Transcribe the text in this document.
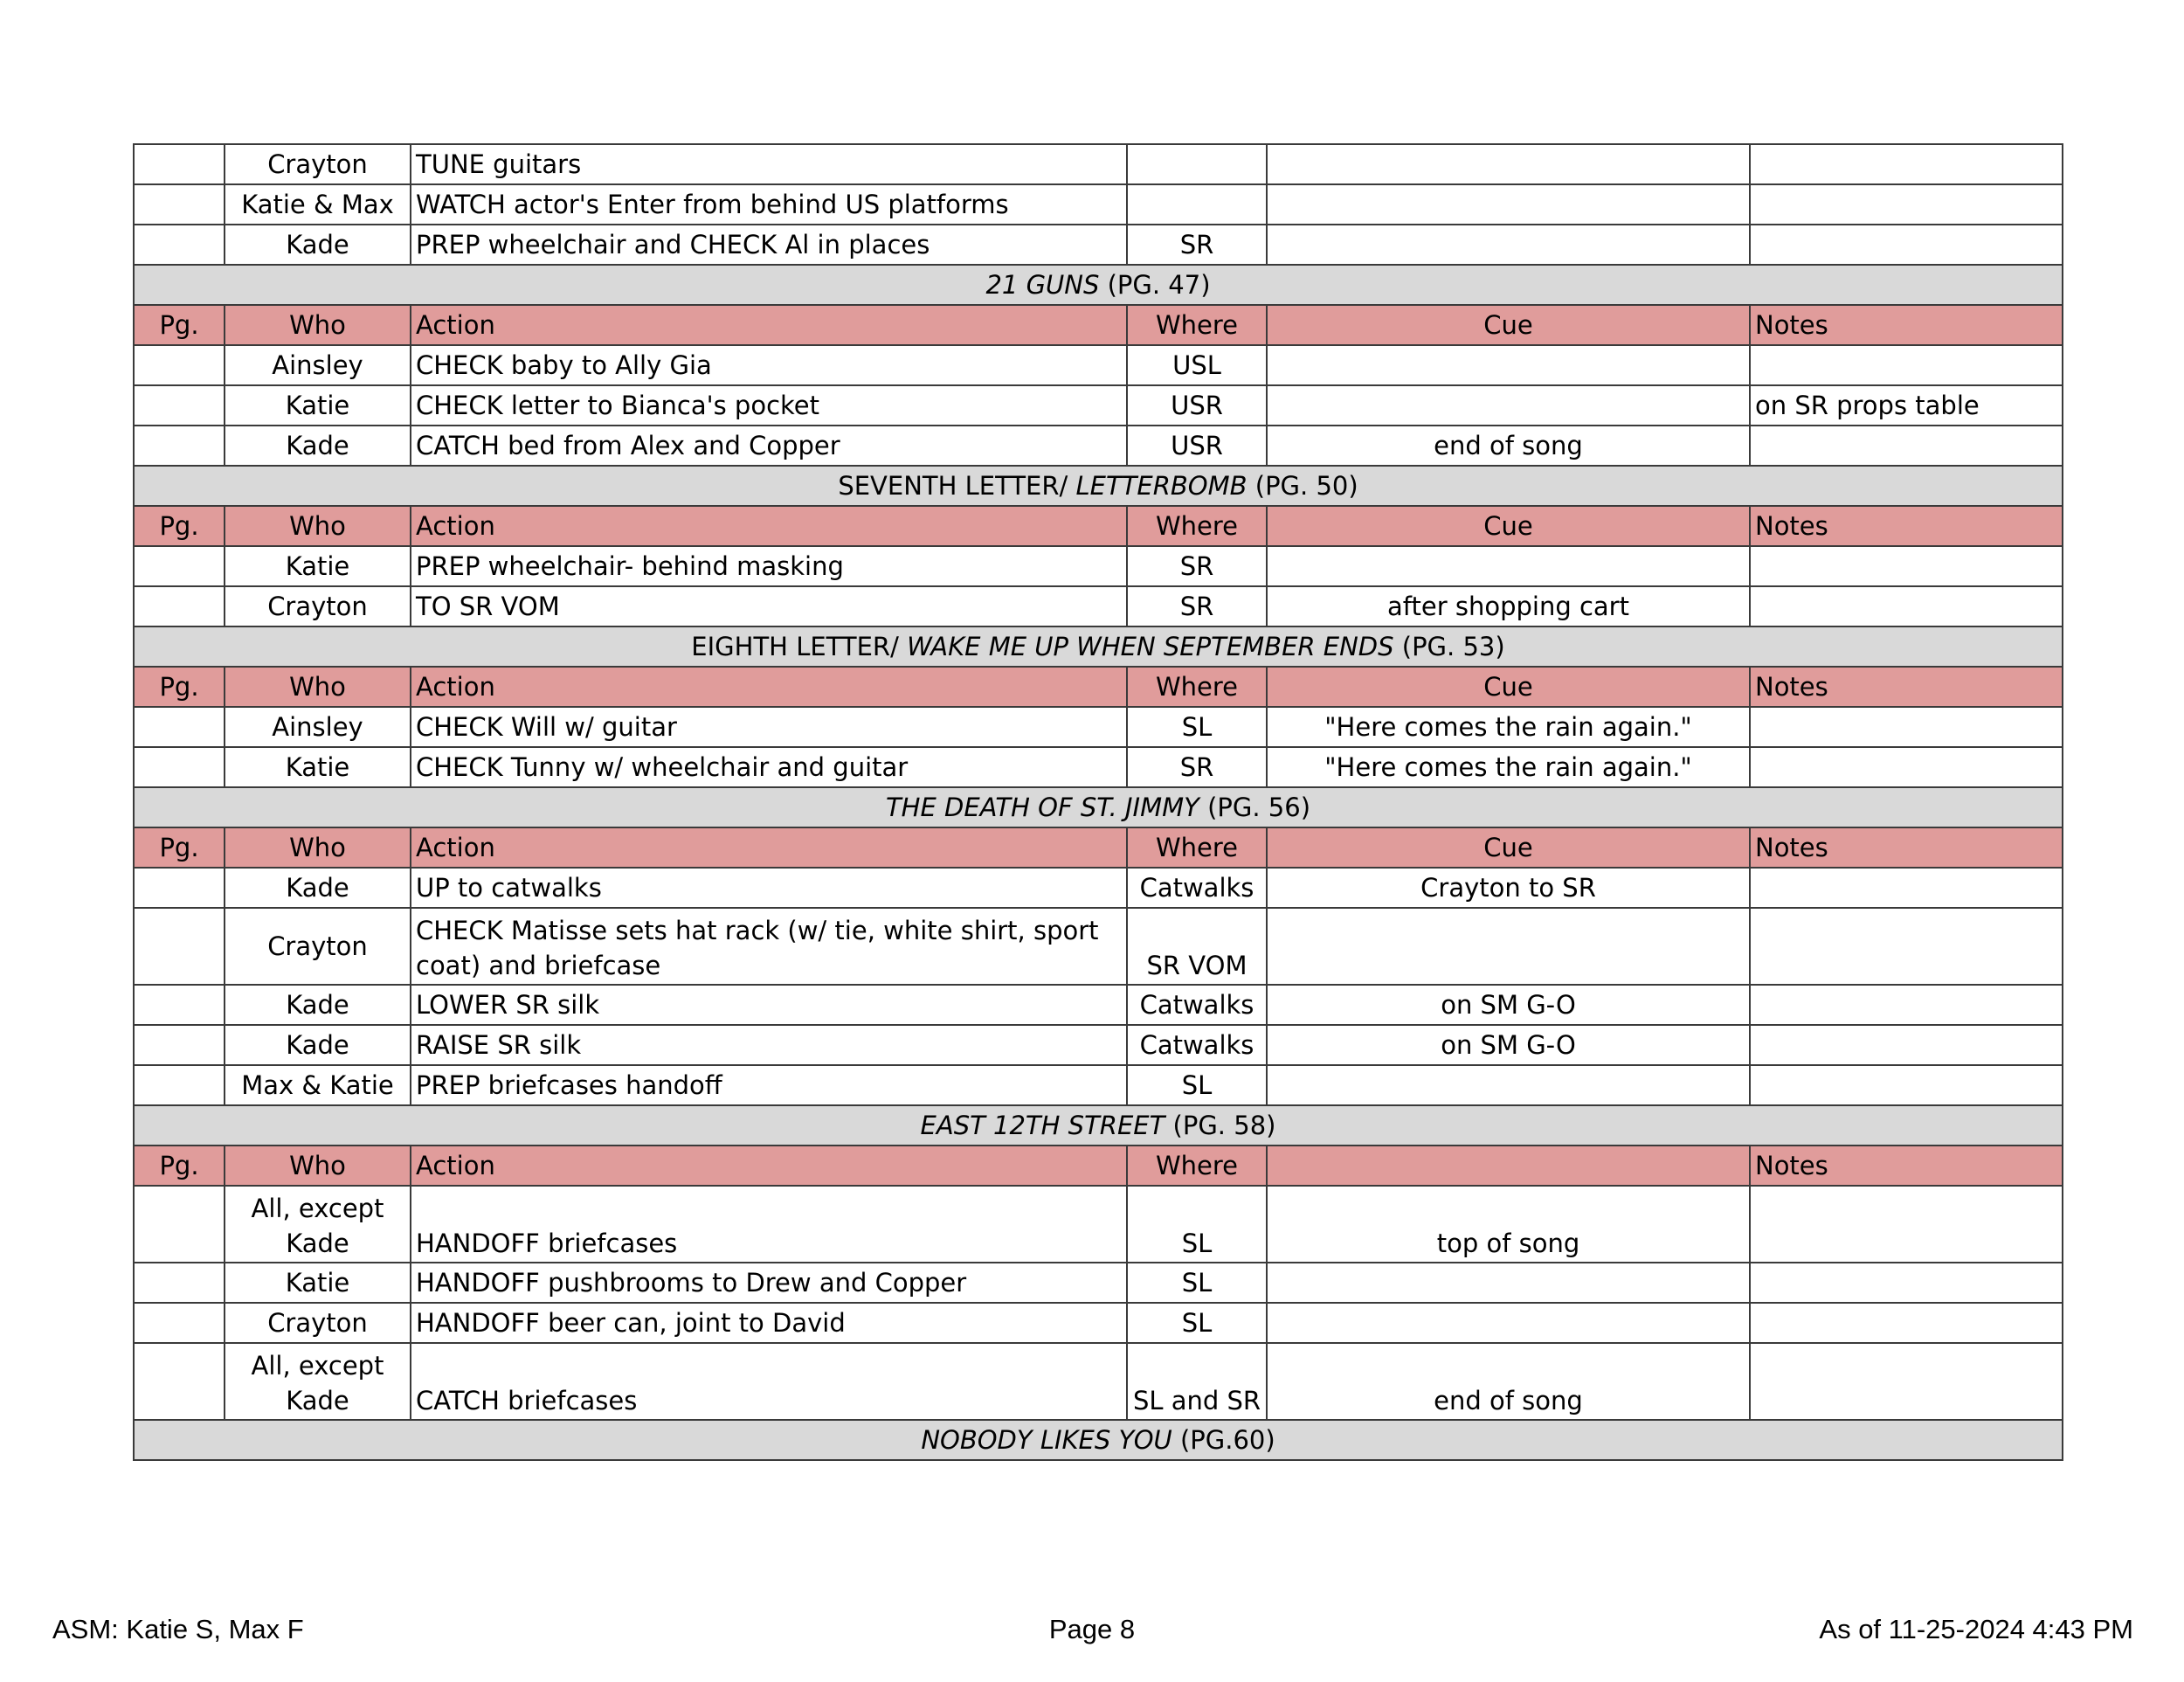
	Crayton	TUNE guitars			
	Katie & Max	WATCH actor's Enter from behind US platforms			
	Kade	PREP wheelchair and CHECK Al in places	SR		
21 GUNS (PG. 47)					
Pg.	Who	Action	Where	Cue	Notes
	Ainsley	CHECK baby to Ally Gia	USL		
	Katie	CHECK letter to Bianca's pocket	USR		on SR props table
	Kade	CATCH bed from Alex and Copper	USR	end of song	
SEVENTH LETTER/ LETTERBOMB (PG. 50)					
Pg.	Who	Action	Where	Cue	Notes
	Katie	PREP wheelchair- behind masking	SR		
	Crayton	TO SR VOM	SR	after shopping cart	
EIGHTH LETTER/ WAKE ME UP WHEN SEPTEMBER ENDS (PG. 53)					
Pg.	Who	Action	Where	Cue	Notes
	Ainsley	CHECK Will w/ guitar	SL	"Here comes the rain again."	
	Katie	CHECK Tunny w/ wheelchair and guitar	SR	"Here comes the rain again."	
THE DEATH OF ST. JIMMY (PG. 56)					
Pg.	Who	Action	Where	Cue	Notes
	Kade	UP to catwalks	Catwalks	Crayton to SR	
	Crayton	CHECK Matisse sets hat rack (w/ tie, white shirt, sport coat) and briefcase	SR VOM		
	Kade	LOWER SR silk	Catwalks	on SM G-O	
	Kade	RAISE SR silk	Catwalks	on SM G-O	
	Max & Katie	PREP briefcases handoff	SL		
EAST 12TH STREET (PG. 58)					
Pg.	Who	Action	Where		Notes
	All, except Kade	HANDOFF briefcases	SL	top of song	
	Katie	HANDOFF pushbrooms to Drew and Copper	SL		
	Crayton	HANDOFF beer can, joint to David	SL		
	All, except Kade	CATCH briefcases	SL and SR	end of song	
NOBODY LIKES YOU (PG.60)					
ASM: Katie S, Max F	Page 8	As of 11-25-2024 4:43 PM
